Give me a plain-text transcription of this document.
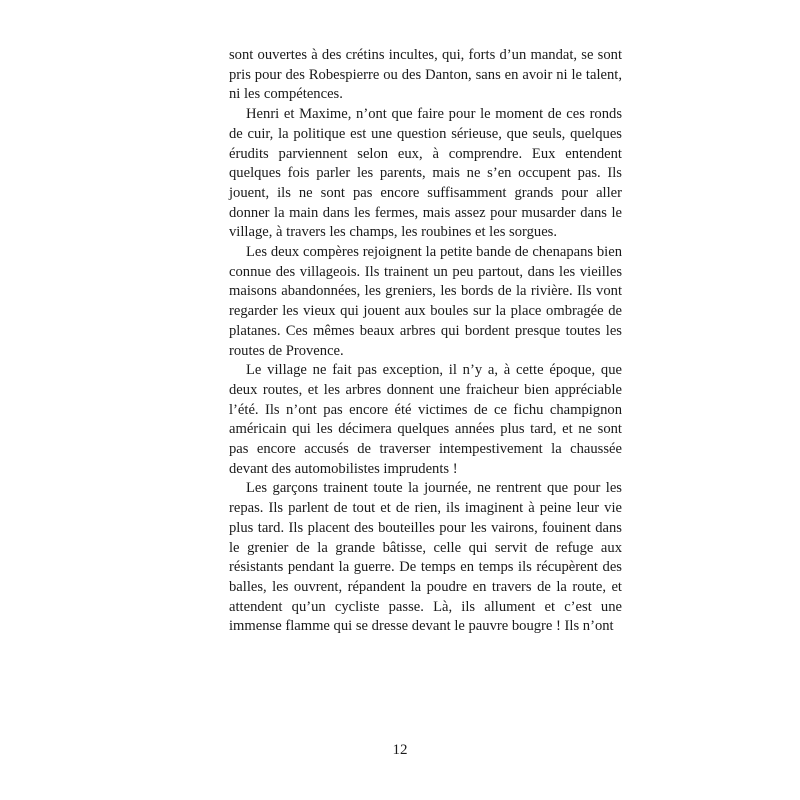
sont ouvertes à des crétins incultes, qui, forts d’un mandat, se sont pris pour des Robespierre ou des Danton, sans en avoir ni le talent, ni les compétences.

Henri et Maxime, n’ont que faire pour le moment de ces ronds de cuir, la politique est une question sérieuse, que seuls, quelques érudits parviennent selon eux, à comprendre. Eux entendent quelques fois parler les parents, mais ne s’en occupent pas. Ils jouent, ils ne sont pas encore suffisamment grands pour aller donner la main dans les fermes, mais assez pour musarder dans le village, à travers les champs, les roubines et les sorgues.

Les deux compères rejoignent la petite bande de chenapans bien connue des villageois. Ils trainent un peu partout, dans les vieilles maisons abandonnées, les greniers, les bords de la rivière. Ils vont regarder les vieux qui jouent aux boules sur la place ombragée de platanes. Ces mêmes beaux arbres qui bordent presque toutes les routes de Provence.

Le village ne fait pas exception, il n’y a, à cette époque, que deux routes, et les arbres donnent une fraicheur bien appréciable l’été. Ils n’ont pas encore été victimes de ce fichu champignon américain qui les décimera quelques années plus tard, et ne sont pas encore accusés de traverser intempestivement la chaussée devant des automobilistes imprudents !

Les garçons trainent toute la journée, ne rentrent que pour les repas. Ils parlent de tout et de rien, ils imaginent à peine leur vie plus tard. Ils placent des bouteilles pour les vairons, fouinent dans le grenier de la grande bâtisse, celle qui servit de refuge aux résistants pendant la guerre. De temps en temps ils récupèrent des balles, les ouvrent, répandent la poudre en travers de la route, et attendent qu’un cycliste passe. Là, ils allument et c’est une immense flamme qui se dresse devant le pauvre bougre ! Ils n’ont

12
